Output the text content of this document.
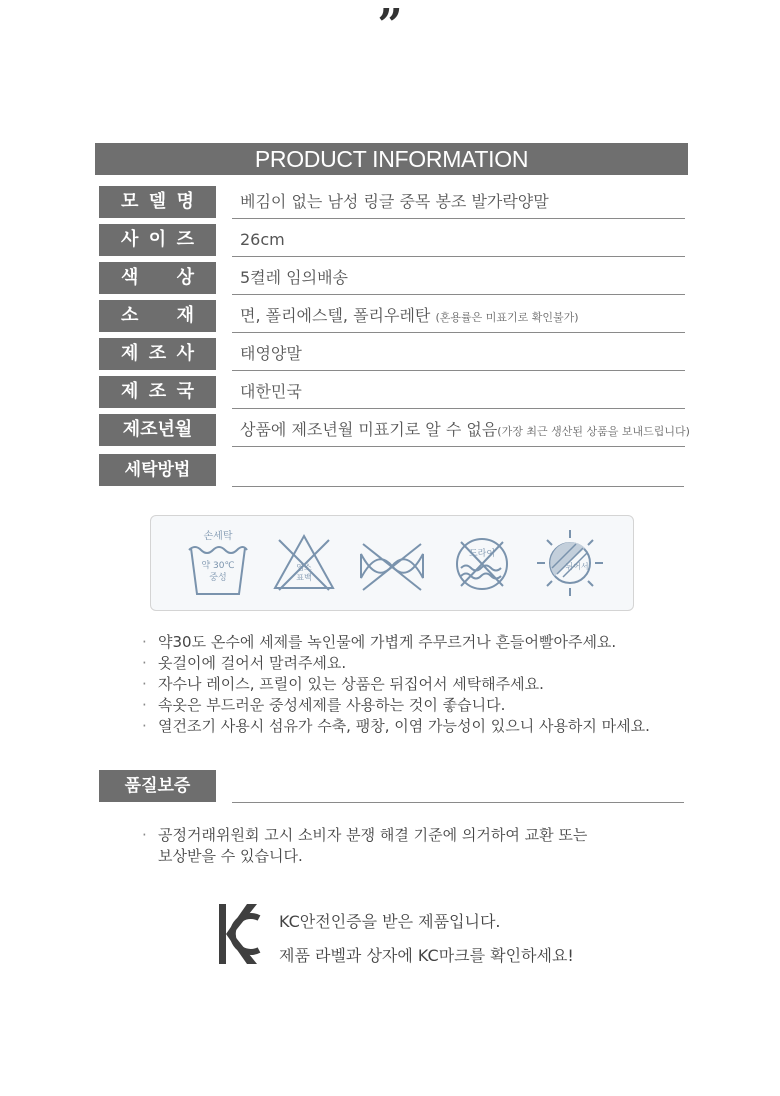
”
PRODUCT INFORMATION
모 델 명	베김이 없는 남성 링글 중목 봉조 발가락양말
사 이 즈	26cm
색 상	5켤레 임의배송
소 재	면, 폴리에스텔, 폴리우레탄 (혼용률은 미표기로 확인불가)
제 조 사	태영양말
제 조 국	대한민국
제조년월	상품에 제조년월 미표기로 알 수 없음(가장 최근 생산된 상품을 보내드립니다)
세탁방법
손세탁
약 30℃
중성
염소
표백
드라이
뉘어서
· 약30도 온수에 세제를 녹인물에 가볍게 주무르거나 흔들어빨아주세요.
· 옷걸이에 걸어서 말려주세요.
· 자수나 레이스, 프릴이 있는 상품은 뒤집어서 세탁해주세요.
· 속옷은 부드러운 중성세제를 사용하는 것이 좋습니다.
· 열건조기 사용시 섬유가 수축, 팽창, 이염 가능성이 있으니 사용하지 마세요.
품질보증
· 공정거래위원회 고시 소비자 분쟁 해결 기준에 의거하여 교환 또는
보상받을 수 있습니다.
KC안전인증을 받은 제품입니다.
제품 라벨과 상자에 KC마크를 확인하세요!
